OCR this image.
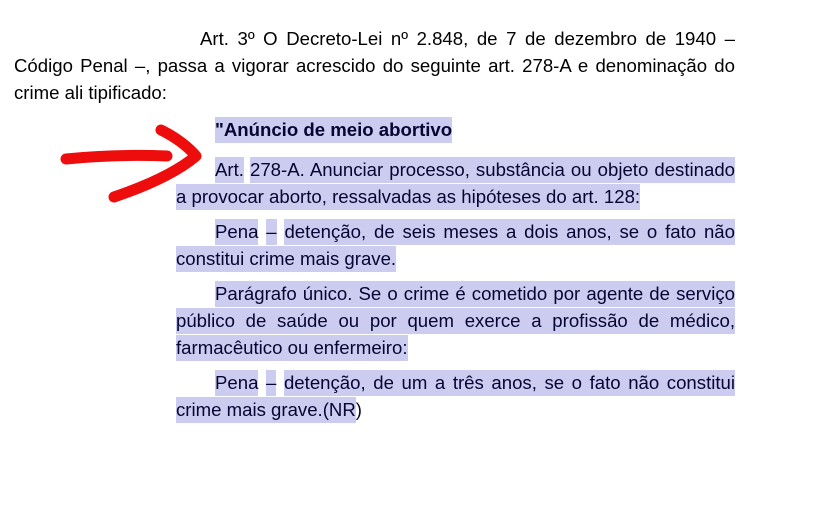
Art. 3º O Decreto-Lei nº 2.848, de 7 de dezembro de 1940 – Código Penal –, passa a vigorar acrescido do seguinte art. 278-A e denominação do crime ali tipificado:

"Anúncio de meio abortivo

Art. 278-A. Anunciar processo, substância ou objeto destinado a provocar aborto, ressalvadas as hipóteses do art. 128:

Pena – detenção, de seis meses a dois anos, se o fato não constitui crime mais grave.

Parágrafo único. Se o crime é cometido por agente de serviço público de saúde ou por quem exerce a profissão de médico, farmacêutico ou enfermeiro:

Pena – detenção, de um a três anos, se o fato não constitui crime mais grave.(NR)
